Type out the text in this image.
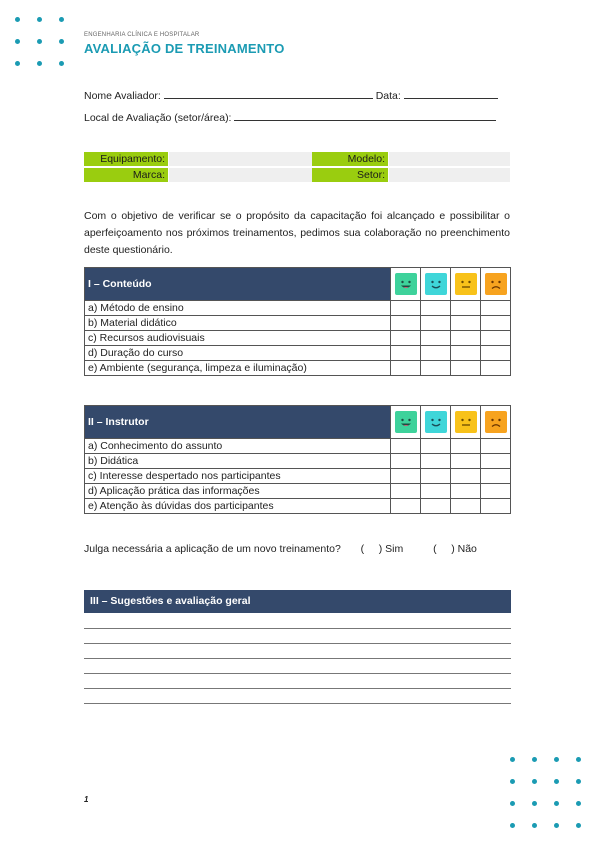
ENGENHARIA CLÍNICA E HOSPITALAR
AVALIAÇÃO DE TREINAMENTO
Nome Avaliador:	Data:
Local de Avaliação (setor/área):
Equipamento:	Modelo:
Marca:	Setor:
Com o objetivo de verificar se o propósito da capacitação foi alcançado e possibilitar o aperfeiçoamento nos próximos treinamentos, pedimos sua colaboração no preenchimento deste questionário.
I – Conteúdo				
a) Método de ensino				
b) Material didático				
c) Recursos audiovisuais				
d) Duração do curso				
e) Ambiente (segurança, limpeza e iluminação)				
II – Instrutor				
a) Conhecimento do assunto				
b) Didática				
c) Interesse despertado nos participantes				
d) Aplicação prática das informações				
e) Atenção às dúvidas dos participantes				
Julga necessária a aplicação de um novo treinamento? (     ) Sim	(     ) Não
III – Sugestões e avaliação geral
1
